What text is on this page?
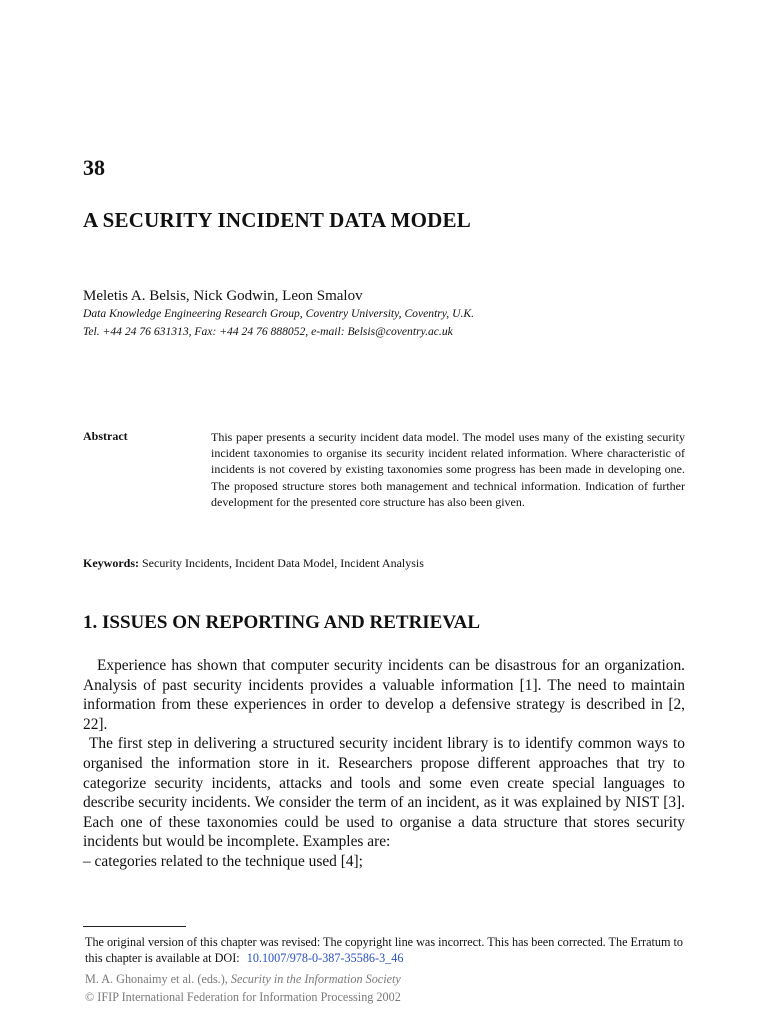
38
A SECURITY INCIDENT DATA MODEL

Meletis A. Belsis, Nick Godwin, Leon Smalov

Data Knowledge Engineering Research Group, Coventry University, Coventry, U.K.

Tel. +44 24 76 631313, Fax: +44 24 76 888052, e-mail: Belsis@coventry.ac.uk

Abstract	This paper presents a security incident data model. The model uses many of the existing security incident taxonomies to organise its security incident related information. Where characteristic of incidents is not covered by existing taxonomies some progress has been made in developing one. The proposed structure stores both management and technical information. Indication of further development for the presented core structure has also been given.

Keywords: Security Incidents, Incident Data Model, Incident Analysis

1. ISSUES ON REPORTING AND RETRIEVAL

Experience has shown that computer security incidents can be disastrous for an organization. Analysis of past security incidents provides a valuable information [1]. The need to maintain information from these experiences in order to develop a defensive strategy is described in [2, 22].

The first step in delivering a structured security incident library is to identify common ways to organised the information store in it. Researchers propose different approaches that try to categorize security incidents, attacks and tools and some even create special languages to describe security incidents. We consider the term of an incident, as it was explained by NIST [3]. Each one of these taxonomies could be used to organise a data structure that stores security incidents but would be incomplete. Examples are:

– categories related to the technique used [4];

The original version of this chapter was revised: The copyright line was incorrect. This has been corrected. The Erratum to this chapter is available at DOI: 10.1007/978-0-387-35586-3_46

M. A. Ghonaimy et al. (eds.), Security in the Information Society

© IFIP International Federation for Information Processing 2002
